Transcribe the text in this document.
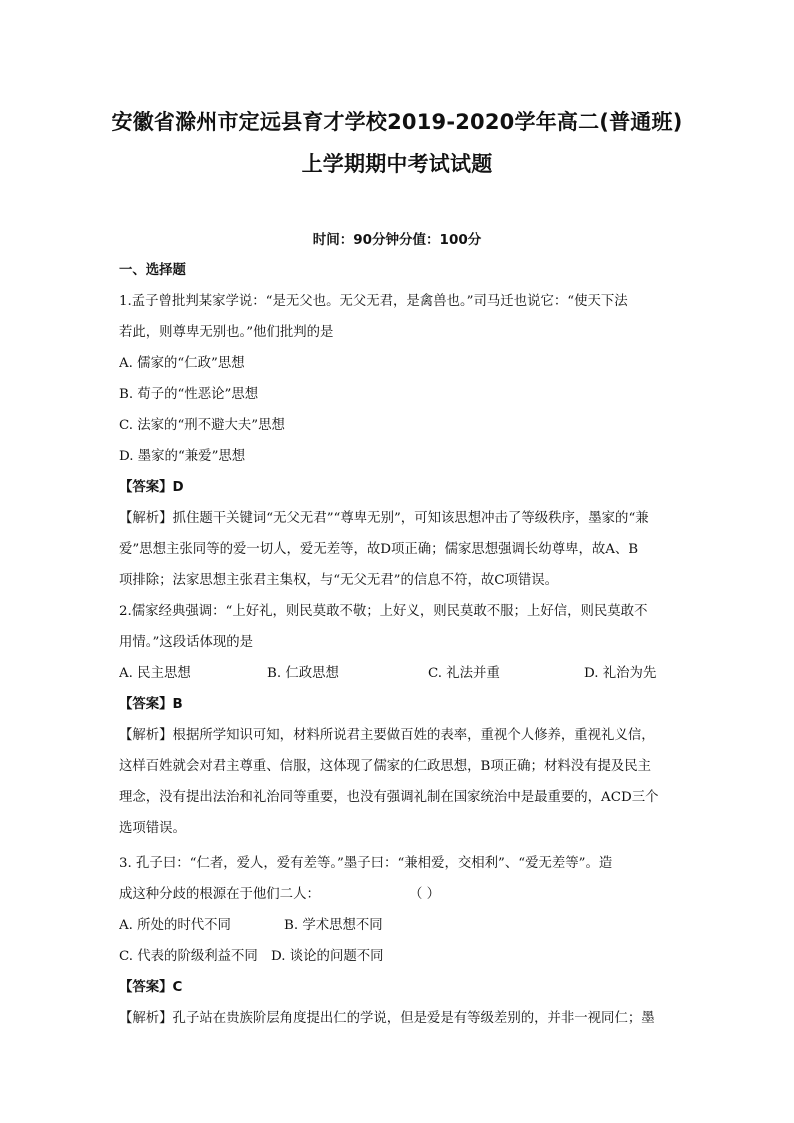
安徽省滁州市定远县育才学校2019-2020学年高二(普通班)
上学期期中考试试题
时间：90分钟分值：100分
一、选择题
1.孟子曾批判某家学说：“是无父也。无父无君，是禽兽也。”司马迁也说它：“使天下法
若此，则尊卑无别也。”他们批判的是
A. 儒家的“仁政”思想
B. 荀子的“性恶论”思想
C. 法家的“刑不避大夫”思想
D. 墨家的“兼爱”思想
【答案】D
【解析】抓住题干关键词“无父无君”“尊卑无别”，可知该思想冲击了等级秩序，墨家的“兼
爱”思想主张同等的爱一切人，爱无差等，故D项正确；儒家思想强调长幼尊卑，故A、B
项排除；法家思想主张君主集权，与“无父无君”的信息不符，故C项错误。
2.儒家经典强调：“上好礼，则民莫敢不敬；上好义，则民莫敢不服；上好信，则民莫敢不
用情。”这段话体现的是
A. 民主思想	B. 仁政思想	C. 礼法并重	D. 礼治为先
【答案】B
【解析】根据所学知识可知，材料所说君主要做百姓的表率，重视个人修养，重视礼义信，
这样百姓就会对君主尊重、信服，这体现了儒家的仁政思想，B项正确；材料没有提及民主
理念，没有提出法治和礼治同等重要，也没有强调礼制在国家统治中是最重要的，ACD三个
选项错误。
3. 孔子曰：“仁者，爱人，爱有差等。”墨子曰：“兼相爱，交相利”、“爱无差等”。造
成这种分歧的根源在于他们二人：	（ ）
A. 所处的时代不同	B. 学术思想不同
C. 代表的阶级利益不同 D. 谈论的问题不同
【答案】C
【解析】孔子站在贵族阶层角度提出仁的学说，但是爱是有等级差别的，并非一视同仁；墨
